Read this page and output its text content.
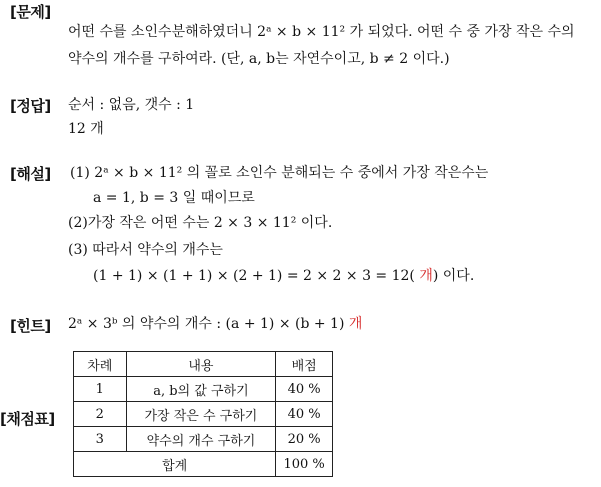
[문제]
[정답]
[해설]
[힌트]
[채점표]
어떤 수를 소인수분해하였더니 2ᵃ × b × 11² 가 되었다. 어떤 수 중 가장 작은 수의
약수의 개수를 구하여라. (단, a, b는 자연수이고, b ≠ 2 이다.)
순서 : 없음, 갯수 : 1
12 개
(1) 2ᵃ × b × 11² 의 꼴로 소인수 분해되는 수 중에서 가장 작은수는
a = 1, b = 3 일 때이므로
(2)가장 작은 어떤 수는 2 × 3 × 11² 이다.
(3) 따라서 약수의 개수는
(1 + 1) × (1 + 1) × (2 + 1) = 2 × 2 × 3 = 12( 개) 이다.
2ᵃ × 3ᵇ 의 약수의 개수 : (a + 1) × (b + 1) 개
차례	내용	배점
1	a, b의 값 구하기	40 %
2	가장 작은 수 구하기	40 %
3	약수의 개수 구하기	20 %
합계		100 %
